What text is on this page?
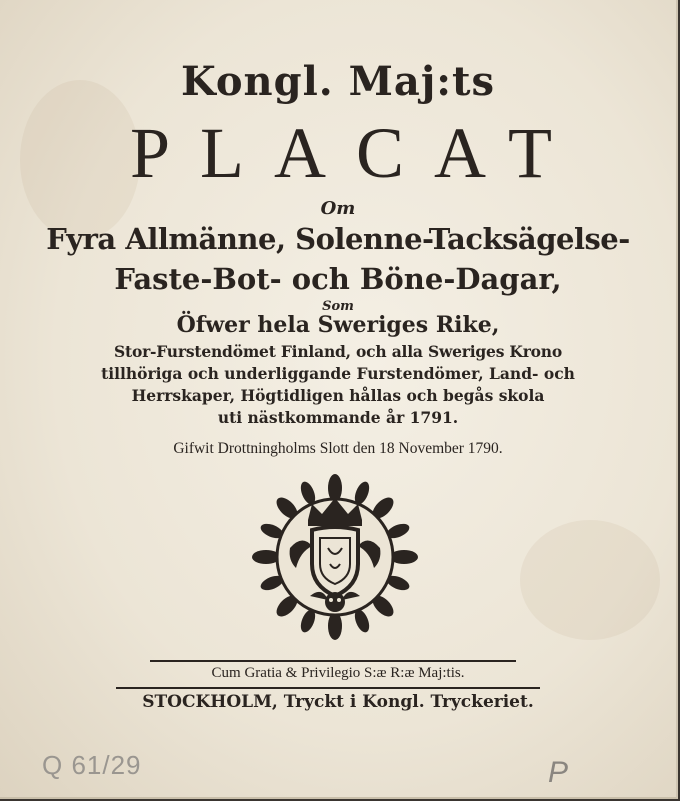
Kongl. Maj:ts
PLACAT
Om
Fyra Allmänne, Solenne-Tacksägelse-
Faste-Bot- och Böne-Dagar,
Som
Öfwer hela Sweriges Rike,
Stor-Furstendömet Finland, och alla Sweriges Krono
tillhöriga och underliggande Furstendömer, Land- och
Herrskaper, Högtidligen hållas och begås skola
uti nästkommande år 1791.
Gifwit Drottningholms Slott den 18 November 1790.
Cum Gratia & Privilegio S:æ R:æ Maj:tis.
STOCKHOLM, Tryckt i Kongl. Tryckeriet.
Q 61/29	P
